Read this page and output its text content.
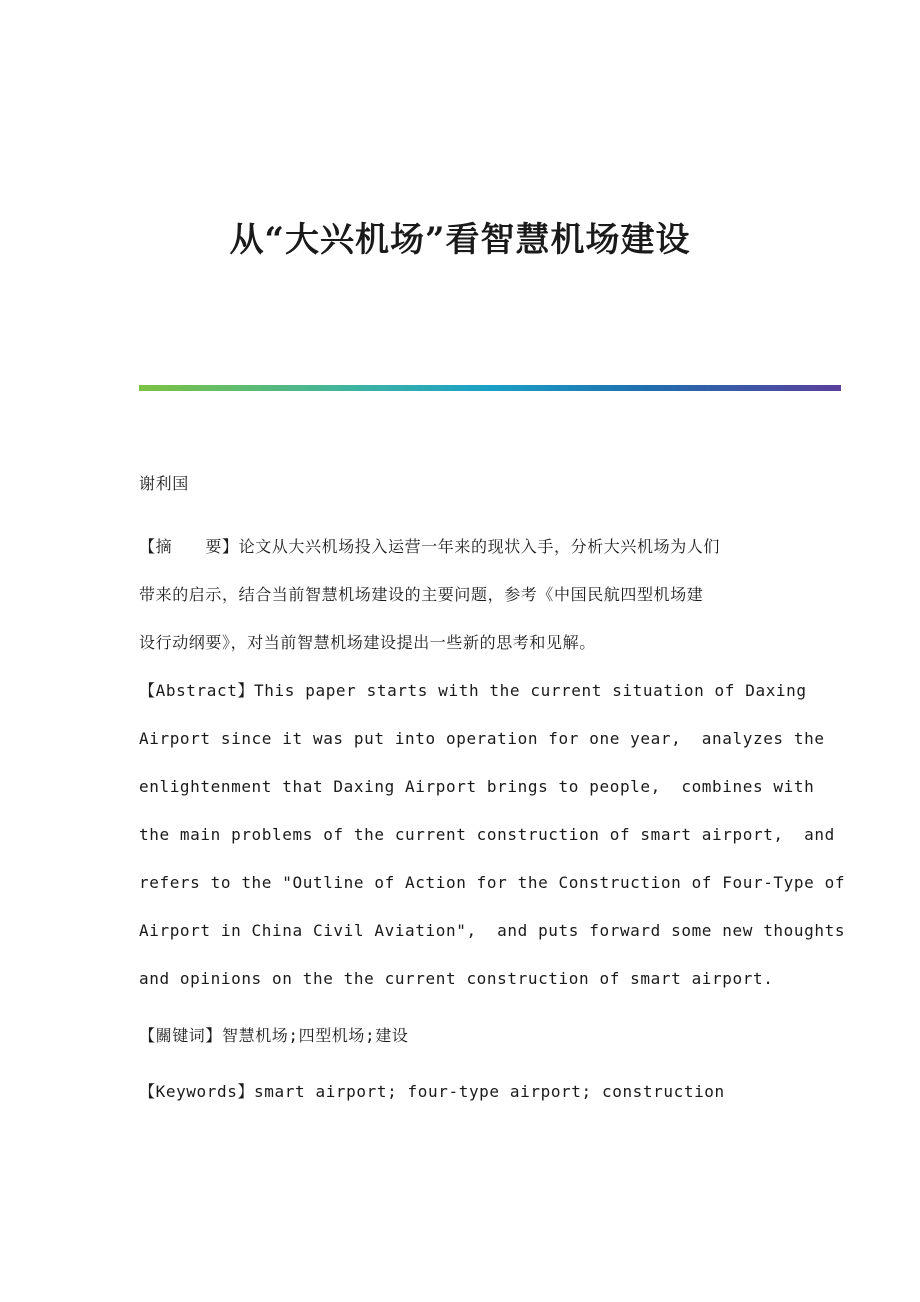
从“大兴机场”看智慧机场建设
谢利国
【摘　　要】论文从大兴机场投入运营一年来的现状入手，分析大兴机场为人们
带来的启示，结合当前智慧机场建设的主要问题，参考《中国民航四型机场建
设行动纲要》，对当前智慧机场建设提出一些新的思考和见解。
【Abstract】This paper starts with the current situation of Daxing
Airport since it was put into operation for one year,  analyzes the
enlightenment that Daxing Airport brings to people,  combines with
the main problems of the current construction of smart airport,  and
refers to the "Outline of Action for the Construction of Four-Type of
Airport in China Civil Aviation",  and puts forward some new thoughts
and opinions on the the current construction of smart airport.
【關键词】智慧机场;四型机场;建设
【Keywords】smart airport; four-type airport; construction
